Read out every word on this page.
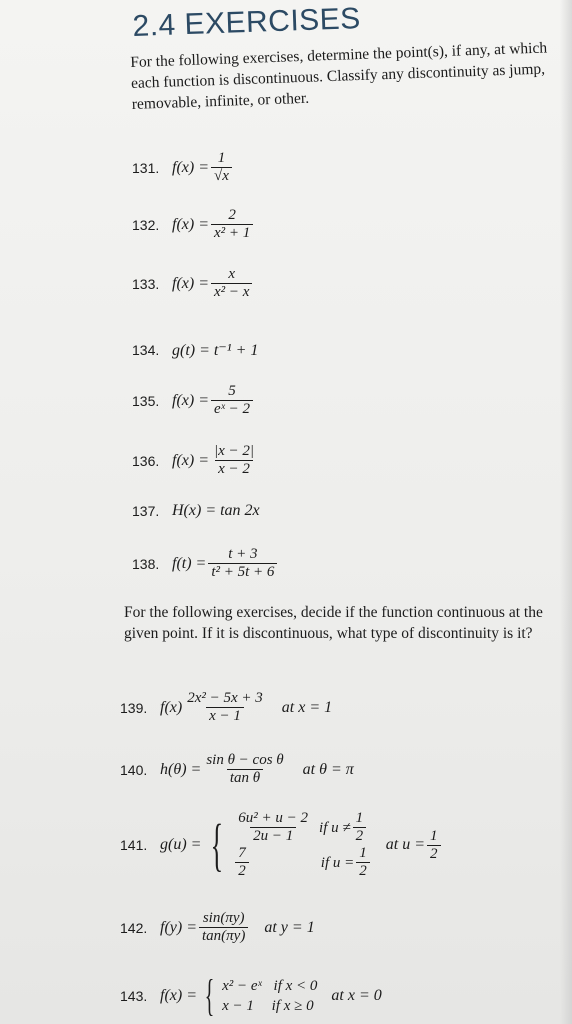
2.4 EXERCISES
For the following exercises, determine the point(s), if any, at which each function is discontinuous. Classify any discontinuity as jump, removable, infinite, or other.
131. $f(x) = \frac{1}{√x}$
132. $f(x) = \frac{2}{\text{x² + 1}}$
133. $f(x) = \frac{x}{\text{x² − x}}$
134. g(t) = t⁻¹ + 1
135. $f(x) = \frac{5}{\text{eˣ − 2}}$
136. $f(x) = \frac{|x - 2|}{x - 2}$
137. H(x) = tan 2x
138. $f(t) = \frac{t + 3}{\text{t² + 5t + 6}}$
For the following exercises, decide if the function continuous at the given point. If it is discontinuous, what type of discontinuity is it?
139. $f(x) \frac{\text{2x² − 5x + 3}}{x - 1}$ at x = 1
140. $h(\theta) = \frac{\text{sin θ − cos θ}}{\text{tan θ}}$ at θ = π
141. g(u) = { $\frac{\text{6u² + u − 2}}{2u - 1}$ if $u \ne \frac{1}{2}$
$\frac{7}{2}$	if $u = \frac{1}{2}$
at $u = \frac{1}{2}$
142. $f(y) = \frac{\sin(\pi y)}{\tan(\pi y)}$ at y = 1
143. f(x) = { x² − eˣ if x < 0
x − 1 if x ≥ 0
at x = 0
